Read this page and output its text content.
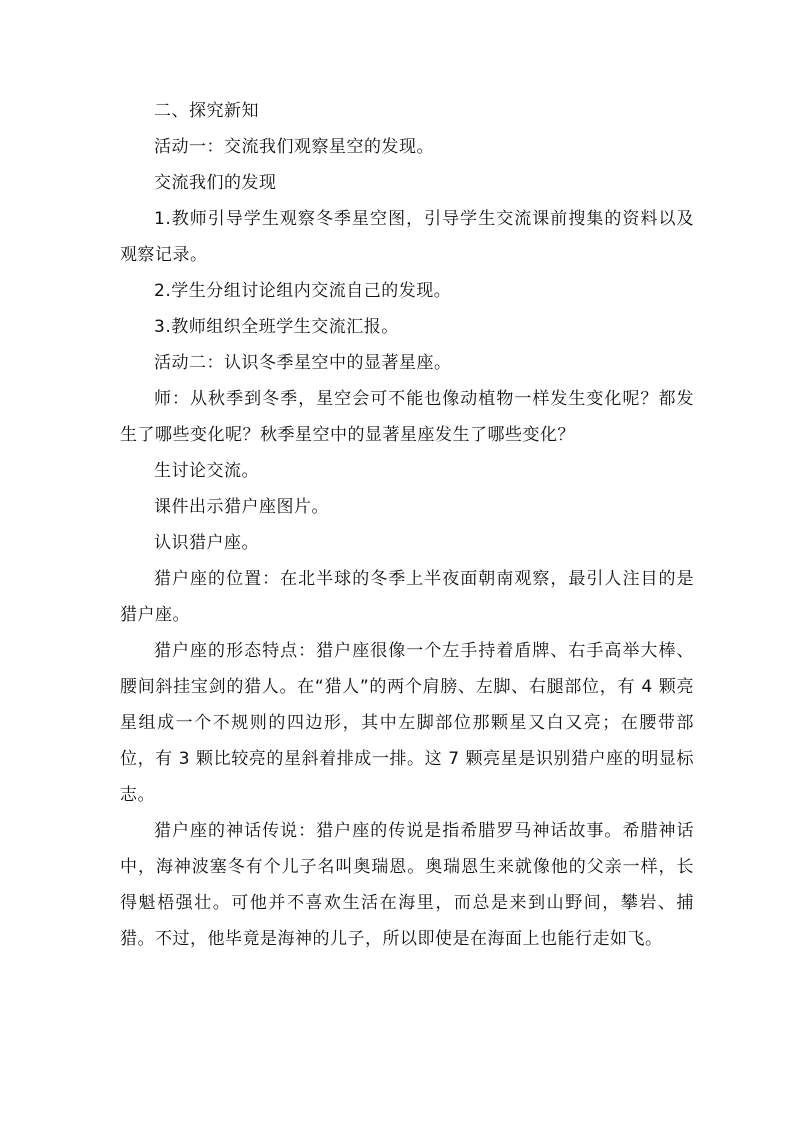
二、探究新知

活动一：交流我们观察星空的发现。

交流我们的发现

1.教师引导学生观察冬季星空图，引导学生交流课前搜集的资料以及观察记录。

2.学生分组讨论组内交流自己的发现。

3.教师组织全班学生交流汇报。

活动二：认识冬季星空中的显著星座。

师：从秋季到冬季，星空会可不能也像动植物一样发生变化呢？都发生了哪些变化呢？秋季星空中的显著星座发生了哪些变化？

生讨论交流。

课件出示猎户座图片。

认识猎户座。

猎户座的位置：在北半球的冬季上半夜面朝南观察，最引人注目的是猎户座。

猎户座的形态特点：猎户座很像一个左手持着盾牌、右手高举大棒、腰间斜挂宝剑的猎人。在“猎人”的两个肩膀、左脚、右腿部位，有 4 颗亮星组成一个不规则的四边形，其中左脚部位那颗星又白又亮；在腰带部位，有 3 颗比较亮的星斜着排成一排。这 7 颗亮星是识别猎户座的明显标志。

猎户座的神话传说：猎户座的传说是指希腊罗马神话故事。希腊神话中，海神波塞冬有个儿子名叫奥瑞恩。奥瑞恩生来就像他的父亲一样，长得魁梧强壮。可他并不喜欢生活在海里，而总是来到山野间，攀岩、捕猎。不过，他毕竟是海神的儿子，所以即使是在海面上也能行走如飞。
